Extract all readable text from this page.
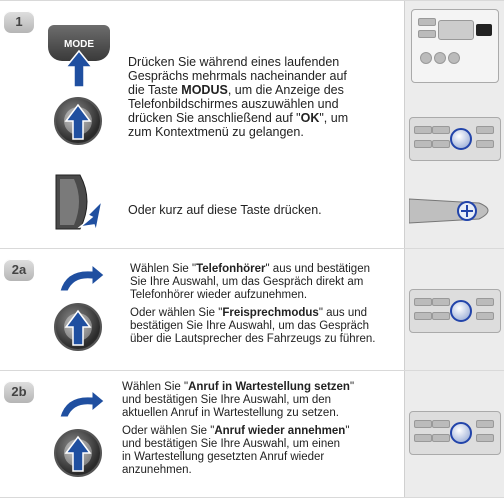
1
MODE
Drücken Sie während eines laufenden
Gesprächs mehrmals nacheinander auf
die Taste MODUS, um die Anzeige des
Telefonbildschirmes auszuwählen und
drücken Sie anschließend auf "OK", um
zum Kontextmenü zu gelangen.
Oder kurz auf diese Taste drücken.
2a	Wählen Sie "Telefonhörer" aus und bestätigen
Sie Ihre Auswahl, um das Gespräch direkt am
Telefonhörer wieder aufzunehmen.
Oder wählen Sie "Freisprechmodus" aus und
bestätigen Sie Ihre Auswahl, um das Gespräch
über die Lautsprecher des Fahrzeugs zu führen.
2b	Wählen Sie "Anruf in Wartestellung setzen"
und bestätigen Sie Ihre Auswahl, um den
aktuellen Anruf in Wartestellung zu setzen.
Oder wählen Sie "Anruf wieder annehmen"
und bestätigen Sie Ihre Auswahl, um einen
in Wartestellung gesetzten Anruf wieder
anzunehmen.
